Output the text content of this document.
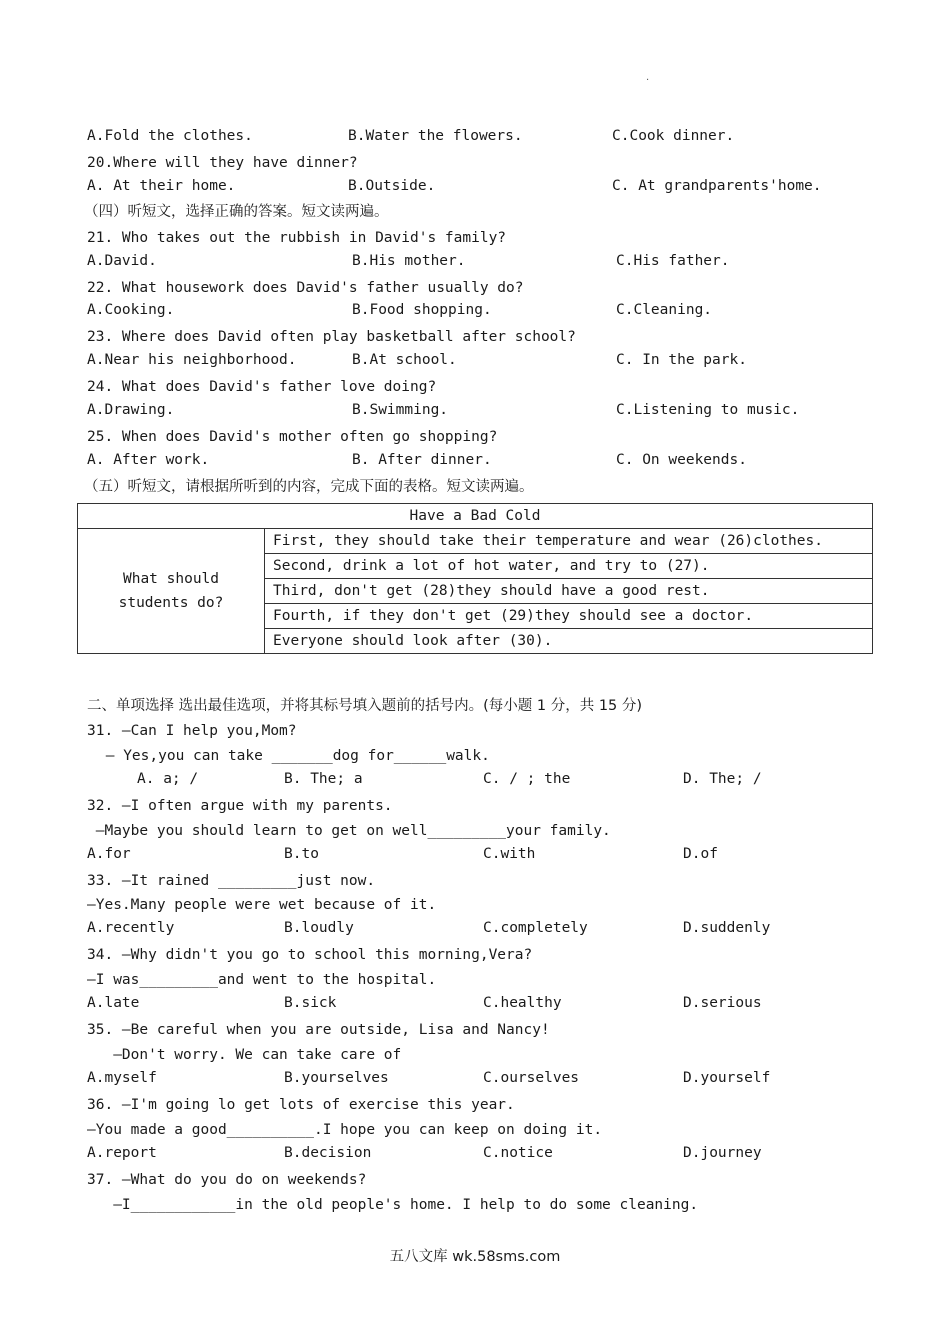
.
A.Fold the clothes.	B.Water the flowers.	C.Cook dinner.
20.Where will they have dinner?
A. At their home.	B.Outside.	C. At grandparents'home.
（四）听短文，选择正确的答案。短文读两遍。
21. Who takes out the rubbish in David's family?
A.David.	B.His mother.	C.His father.
22. What housework does David's father usually do?
A.Cooking.	B.Food shopping.	C.Cleaning.
23. Where does David often play basketball after school?
A.Near his neighborhood.	B.At school.	C. In the park.
24. What does David's father love doing?
A.Drawing.	B.Swimming.	C.Listening to music.
25. When does David's mother often go shopping?
A. After work.	B. After dinner.	C. On weekends.
（五）听短文，请根据所听到的内容，完成下面的表格。短文读两遍。
Have a Bad Cold
What should students do?	First, they should take their temperature and wear (26)clothes.
Second, drink a lot of hot water, and try to (27).
Third, don't get (28)they should have a good rest.
Fourth, if they don't get (29)they should see a doctor.
Everyone should look after (30).
二、单项选择 选出最佳选项，并将其标号填入题前的括号内。(每小题 1 分，共 15 分)
31. —Can I help you,Mom?
— Yes,you can take _______dog for______walk.
A. a; /	B. The; a	C. / ; the	D. The; /
32. —I often argue with my parents.
—Maybe you should learn to get on well_________your family.
A.for	B.to	C.with	D.of
33. —It rained _________just now.
—Yes.Many people were wet because of it.
A.recently	B.loudly	C.completely	D.suddenly
34. —Why didn't you go to school this morning,Vera?
—I was_________and went to the hospital.
A.late	B.sick	C.healthy	D.serious
35. —Be careful when you are outside, Lisa and Nancy!
—Don't worry. We can take care of
A.myself	B.yourselves	C.ourselves	D.yourself
36. —I'm going lo get lots of exercise this year.
—You made a good__________.I hope you can keep on doing it.
A.report	B.decision	C.notice	D.journey
37. —What do you do on weekends?
—I____________in the old people's home. I help to do some cleaning.
五八文库 wk.58sms.com
